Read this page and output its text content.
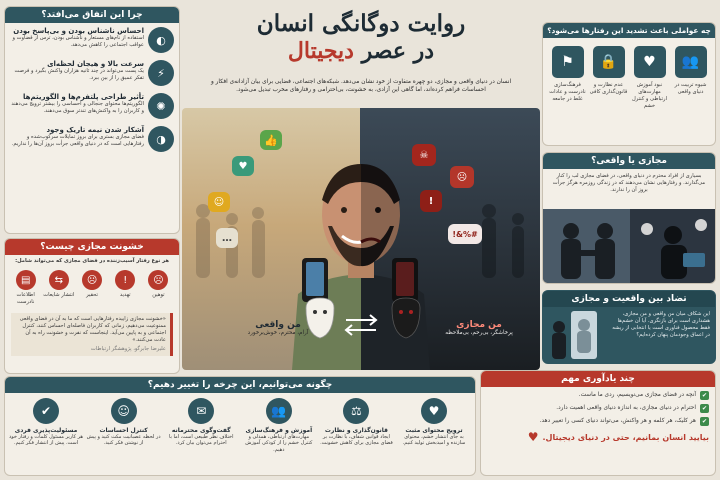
چرا این اتفاق می‌افتد؟
◐
احساس ناشناس بودن و بی‌پاسخ بودن
استفاده از نام‌های مستعار و ناشناس بودن، ترس از قضاوت و عواقب اجتماعی را کاهش می‌دهد.
⚡
سرعت بالا و هیجان لحظه‌ای
یک پست می‌تواند در چند ثانیه هزاران واکنش بگیرد و فرصت تفکر عمیق را از بین ببرد.
✺
تأثیر طراحی پلتفرم‌ها و الگوریتم‌ها
الگوریتم‌ها محتوای جنجالی و احساسی را بیشتر ترویج می‌دهند و کاربران را به واکنش‌های تندتر سوق می‌دهند.
◑
آشکار شدن نیمه تاریک وجود
فضای مجازی بستری برای بروز تمایلات سرکوب‌شده و رفتارهایی است که در دنیای واقعی جرأت بروز آن‌ها را نداریم.
خشونت مجازی چیست؟
هر نوع رفتار آسیب‌زننده در فضای مجازی که می‌تواند شامل:
☹
توهین
!
تهدید
☹
تحقیر
⇆
انتشار شایعات
▤
اطلاعات نادرست
«خشونت مجازی زاییده رفتارهایی است که ما به آن در فضای واقعی ممنوعیت می‌دهیم، زمانی که کاربران فاصله‌ای احساس کنند، کنترل اجتماعی و به پایین می‌آید. اینجاست که نفرت و خشونت راه به آن عادت می‌کنند.»
علیرضا جابرگو، پژوهشگر ارتباطات
روایت دوگانگی انسان
در عصر دیجیتال
انسان در دنیای واقعی و مجازی، دو چهره متفاوت از خود نشان می‌دهد. شبکه‌های اجتماعی، فضایی برای بیان آزادانه‌ی افکار و احساسات فراهم کرده‌اند، اما گاهی این آزادی، به خشونت، بی‌احترامی و رفتارهای مخرب تبدیل می‌شود.
👍
♥
☺
…
☠
☹
!
#%&!
من واقعی
آرام، محترم، خوش‌برخورد
من مجازی
پرخاشگر، بی‌رحم، بی‌ملاحظه
چه عواملی باعث تشدید این رفتارها می‌شود؟
👥
شیوه تربیت در دنیای واقعی
♥
نبود آموزش مهارت‌های ارتباطی و کنترل خشم
🔒
عدم نظارت و قانون‌گذاری کافی
⚑
فرهنگ‌سازی نادرست و عادات غلط در جامعه
مجازی یا واقعی؟
بسیاری از افراد محترم در دنیای واقعی، در فضای مجازی لب را کنار می‌گذارند. و رفتارهایی نشان می‌دهند که در زندگی روزمره هرگز جرأت بروز آن را ندارند.
تضاد بین واقعیت و مجازی
این شکاف میان من واقعی و من مجازی، هشداری است برای بازنگری. آیا آن خشم‌ها فقط محصول فناوری است یا انتخابی از ریشه در اعماق وجودمان پنهان کرده‌ایم؟
چگونه می‌توانیم، این چرخه را تغییر دهیم؟
♥
ترویج محتوای مثبت
به جای انتشار خشم، محتوای سازنده و امیدبخش تولید کنیم.
⚖
قانون‌گذاری و نظارت
ایجاد قوانین شفاف، با نظارت بر فضای مجازی برای کاهش خشونت.
👥
آموزش و فرهنگ‌سازی
مهارت‌های ارتباطی، همدلی و کنترل خشم را از کودکی آموزش دهیم.
✉
گفت‌وگوی محترمانه
اختلاف نظر طبیعی است، اما با احترام می‌توان بیان کرد.
☺
کنترل احساسات
در لحظه عصبانیت مکث کنید و پیش از نوشتن فکر کنید.
✔
مسئولیت‌پذیری فردی
هر کاربر مسئول کلمات و رفتار خود است. پیش از انتشار فکر کنیم.
چند یادآوری مهم
✔
آنچه در فضای مجازی می‌نویسیم، ردی ما ماست.
✔
احترام در دنیای مجازی، به اندازه دنیای واقعی اهمیت دارد.
✔
هر کلیک، هر کلمه و هر واکنش، می‌تواند دنیای کسی را تغییر دهد.
بیایید انسان بمانیم، حتی در دنیای دیجیتال.
♥
